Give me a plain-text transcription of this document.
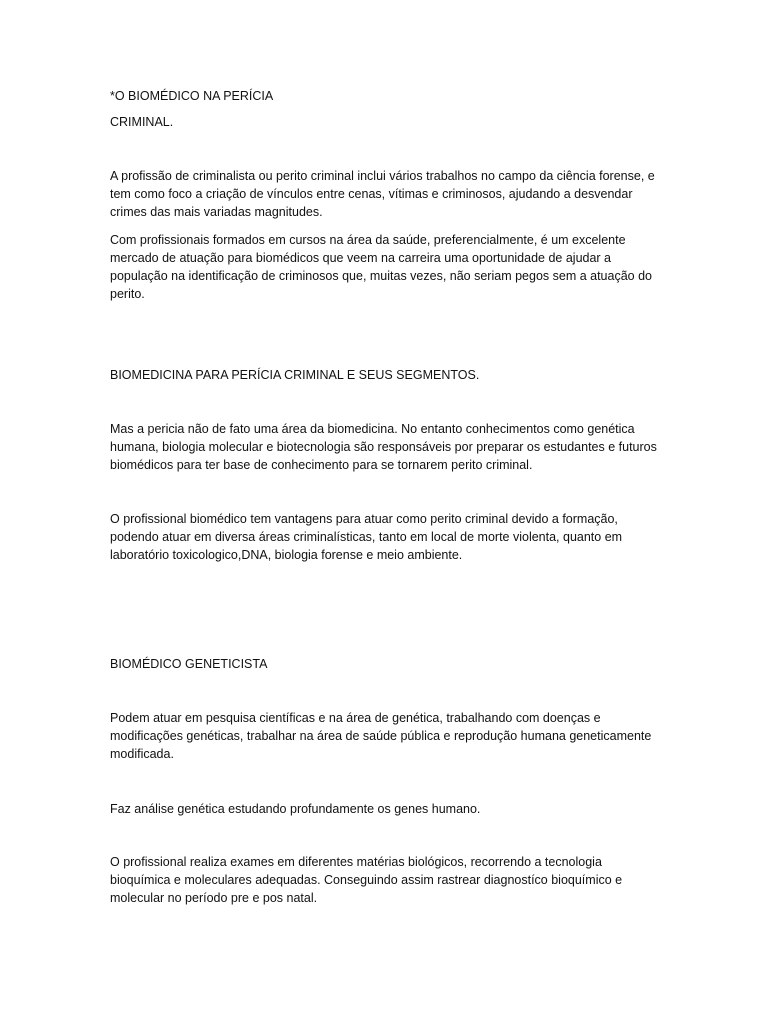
*O BIOMÉDICO NA PERÍCIA

CRIMINAL.

A profissão de criminalista ou perito criminal inclui vários trabalhos no campo da ciência forense, e tem como foco a criação de vínculos entre cenas, vítimas e criminosos, ajudando a desvendar crimes das mais variadas magnitudes.

Com profissionais formados em cursos na área da saúde, preferencialmente, é um excelente mercado de atuação para biomédicos que veem na carreira uma oportunidade de ajudar a população na identificação de criminosos que, muitas vezes, não seriam pegos sem a atuação do perito.

BIOMEDICINA PARA PERÍCIA CRIMINAL E SEUS SEGMENTOS.

Mas a pericia não de fato uma área da biomedicina. No entanto conhecimentos como genética humana, biologia molecular e biotecnologia são responsáveis por preparar os estudantes e futuros biomédicos para ter base de conhecimento para se tornarem perito criminal.

O profissional biomédico tem vantagens para atuar como perito criminal devido a formação, podendo atuar em diversa áreas criminalísticas, tanto em local de morte violenta, quanto em laboratório toxicologico,DNA, biologia forense e meio ambiente.

BIOMÉDICO GENETICISTA

Podem atuar em pesquisa científicas e na área de genética, trabalhando com doenças e modificações genéticas, trabalhar na área de saúde pública e reprodução humana geneticamente modificada.

Faz análise genética estudando profundamente os genes humano.

O profissional realiza exames em diferentes matérias biológicos, recorrendo a tecnologia bioquímica e moleculares adequadas. Conseguindo assim rastrear diagnostíco bioquímico e molecular no período pre e pos natal.
